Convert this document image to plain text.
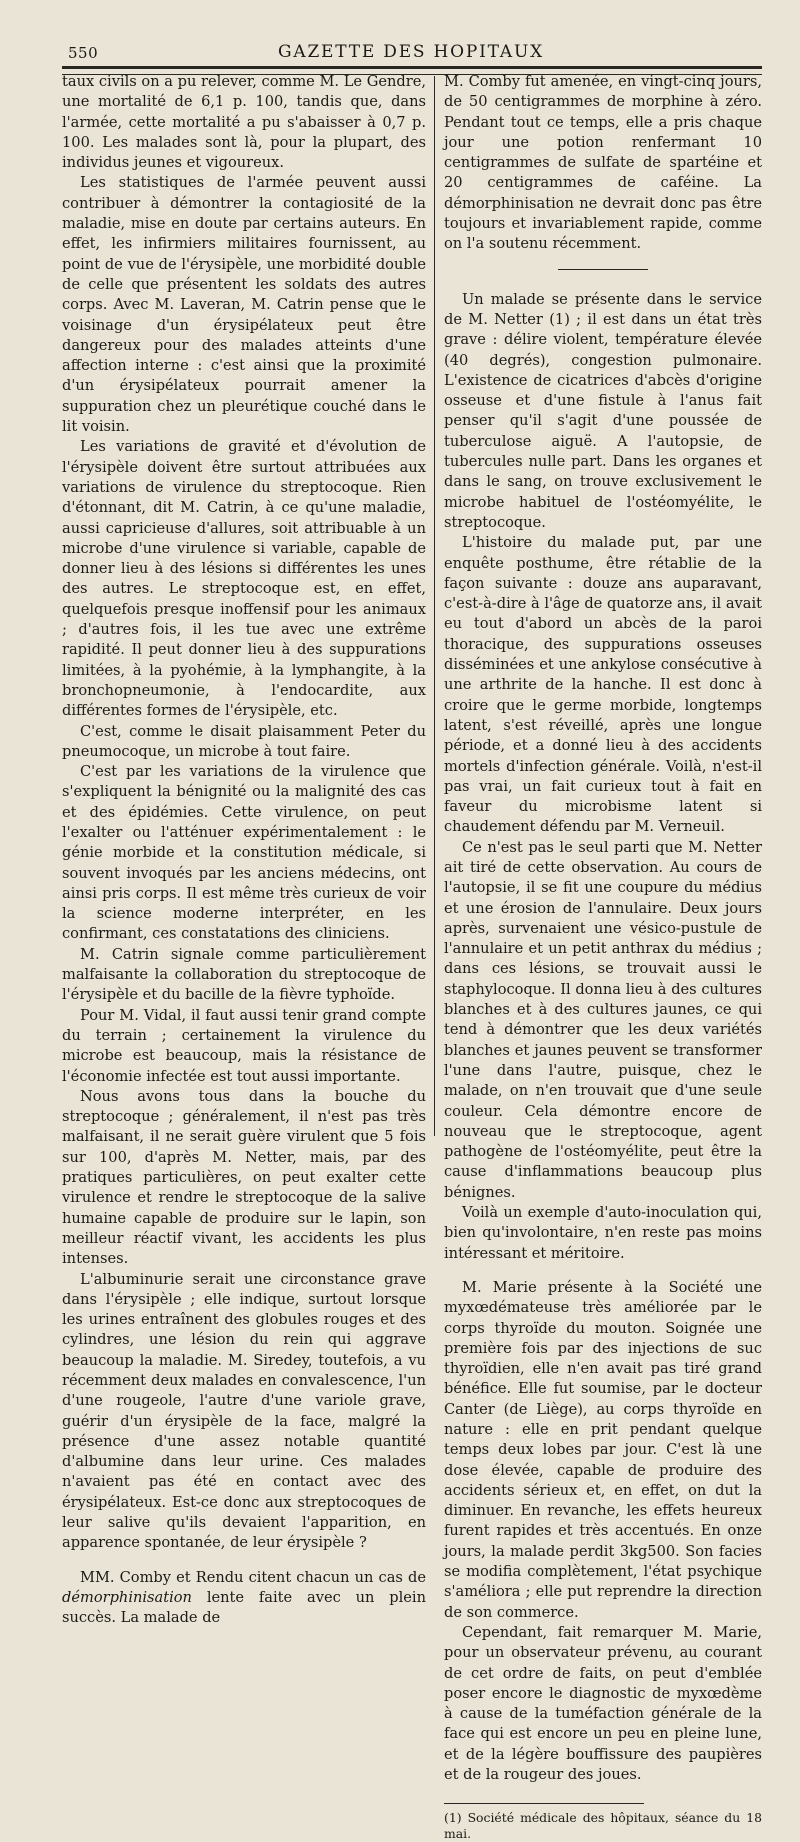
550	GAZETTE DES HOPITAUX

taux civils on a pu relever, comme M. Le Gendre, une mortalité de 6,1 p. 100, tandis que, dans l'armée, cette mortalité a pu s'abaisser à 0,7 p. 100. Les malades sont là, pour la plupart, des individus jeunes et vigoureux.

Les statistiques de l'armée peuvent aussi contribuer à démontrer la contagiosité de la maladie, mise en doute par certains auteurs. En effet, les infirmiers militaires fournissent, au point de vue de l'érysipèle, une morbidité double de celle que présentent les soldats des autres corps. Avec M. Laveran, M. Catrin pense que le voisinage d'un érysipélateux peut être dangereux pour des malades atteints d'une affection interne : c'est ainsi que la proximité d'un érysipélateux pourrait amener la suppuration chez un pleurétique couché dans le lit voisin.

Les variations de gravité et d'évolution de l'érysipèle doivent être surtout attribuées aux variations de virulence du streptocoque. Rien d'étonnant, dit M. Catrin, à ce qu'une maladie, aussi capricieuse d'allures, soit attribuable à un microbe d'une virulence si variable, capable de donner lieu à des lésions si différentes les unes des autres. Le streptocoque est, en effet, quelquefois presque inoffensif pour les animaux ; d'autres fois, il les tue avec une extrême rapidité. Il peut donner lieu à des suppurations limitées, à la pyohémie, à la lymphangite, à la bronchopneumonie, à l'endocardite, aux différentes formes de l'érysipèle, etc.

C'est, comme le disait plaisamment Peter du pneumocoque, un microbe à tout faire.

C'est par les variations de la virulence que s'expliquent la bénignité ou la malignité des cas et des épidémies. Cette virulence, on peut l'exalter ou l'atténuer expérimentalement : le génie morbide et la constitution médicale, si souvent invoqués par les anciens médecins, ont ainsi pris corps. Il est même très curieux de voir la science moderne interpréter, en les confirmant, ces constatations des cliniciens.

M. Catrin signale comme particulièrement malfaisante la collaboration du streptocoque de l'érysipèle et du bacille de la fièvre typhoïde.

Pour M. Vidal, il faut aussi tenir grand compte du terrain ; certainement la virulence du microbe est beaucoup, mais la résistance de l'économie infectée est tout aussi importante.

Nous avons tous dans la bouche du streptocoque ; généralement, il n'est pas très malfaisant, il ne serait guère virulent que 5 fois sur 100, d'après M. Netter, mais, par des pratiques particulières, on peut exalter cette virulence et rendre le streptocoque de la salive humaine capable de produire sur le lapin, son meilleur réactif vivant, les accidents les plus intenses.

L'albuminurie serait une circonstance grave dans l'érysipèle ; elle indique, surtout lorsque les urines entraînent des globules rouges et des cylindres, une lésion du rein qui aggrave beaucoup la maladie. M. Siredey, toutefois, a vu récemment deux malades en convalescence, l'un d'une rougeole, l'autre d'une variole grave, guérir d'un érysipèle de la face, malgré la présence d'une assez notable quantité d'albumine dans leur urine. Ces malades n'avaient pas été en contact avec des érysipélateux. Est-ce donc aux streptocoques de leur salive qu'ils devaient l'apparition, en apparence spontanée, de leur érysipèle ?

MM. Comby et Rendu citent chacun un cas de démorphinisation lente faite avec un plein succès. La malade de

M. Comby fut amenée, en vingt-cinq jours, de 50 centigrammes de morphine à zéro. Pendant tout ce temps, elle a pris chaque jour une potion renfermant 10 centigrammes de sulfate de spartéine et 20 centigrammes de caféine. La démorphinisation ne devrait donc pas être toujours et invariablement rapide, comme on l'a soutenu récemment.

Un malade se présente dans le service de M. Netter (1) ; il est dans un état très grave : délire violent, température élevée (40 degrés), congestion pulmonaire. L'existence de cicatrices d'abcès d'origine osseuse et d'une fistule à l'anus fait penser qu'il s'agit d'une poussée de tuberculose aiguë. A l'autopsie, de tubercules nulle part. Dans les organes et dans le sang, on trouve exclusivement le microbe habituel de l'ostéomyélite, le streptocoque.

L'histoire du malade put, par une enquête posthume, être rétablie de la façon suivante : douze ans auparavant, c'est-à-dire à l'âge de quatorze ans, il avait eu tout d'abord un abcès de la paroi thoracique, des suppurations osseuses disséminées et une ankylose consécutive à une arthrite de la hanche. Il est donc à croire que le germe morbide, longtemps latent, s'est réveillé, après une longue période, et a donné lieu à des accidents mortels d'infection générale. Voilà, n'est-il pas vrai, un fait curieux tout à fait en faveur du microbisme latent si chaudement défendu par M. Verneuil.

Ce n'est pas le seul parti que M. Netter ait tiré de cette observation. Au cours de l'autopsie, il se fit une coupure du médius et une érosion de l'annulaire. Deux jours après, survenaient une vésico-pustule de l'annulaire et un petit anthrax du médius ; dans ces lésions, se trouvait aussi le staphylocoque. Il donna lieu à des cultures blanches et à des cultures jaunes, ce qui tend à démontrer que les deux variétés blanches et jaunes peuvent se transformer l'une dans l'autre, puisque, chez le malade, on n'en trouvait que d'une seule couleur. Cela démontre encore de nouveau que le streptocoque, agent pathogène de l'ostéomyélite, peut être la cause d'inflammations beaucoup plus bénignes.

Voilà un exemple d'auto-inoculation qui, bien qu'involontaire, n'en reste pas moins intéressant et méritoire.

M. Marie présente à la Société une myxœdémateuse très améliorée par le corps thyroïde du mouton. Soignée une première fois par des injections de suc thyroïdien, elle n'en avait pas tiré grand bénéfice. Elle fut soumise, par le docteur Canter (de Liège), au corps thyroïde en nature : elle en prit pendant quelque temps deux lobes par jour. C'est là une dose élevée, capable de produire des accidents sérieux et, en effet, on dut la diminuer. En revanche, les effets heureux furent rapides et très accentués. En onze jours, la malade perdit 3kg500. Son facies se modifia complètement, l'état psychique s'améliora ; elle put reprendre la direction de son commerce.

Cependant, fait remarquer M. Marie, pour un observateur prévenu, au courant de cet ordre de faits, on peut d'emblée poser encore le diagnostic de myxœdème à cause de la tuméfaction générale de la face qui est encore un peu en pleine lune, et de la légère bouffissure des paupières et de la rougeur des joues.

(1) Société médicale des hôpitaux, séance du 18 mai.
